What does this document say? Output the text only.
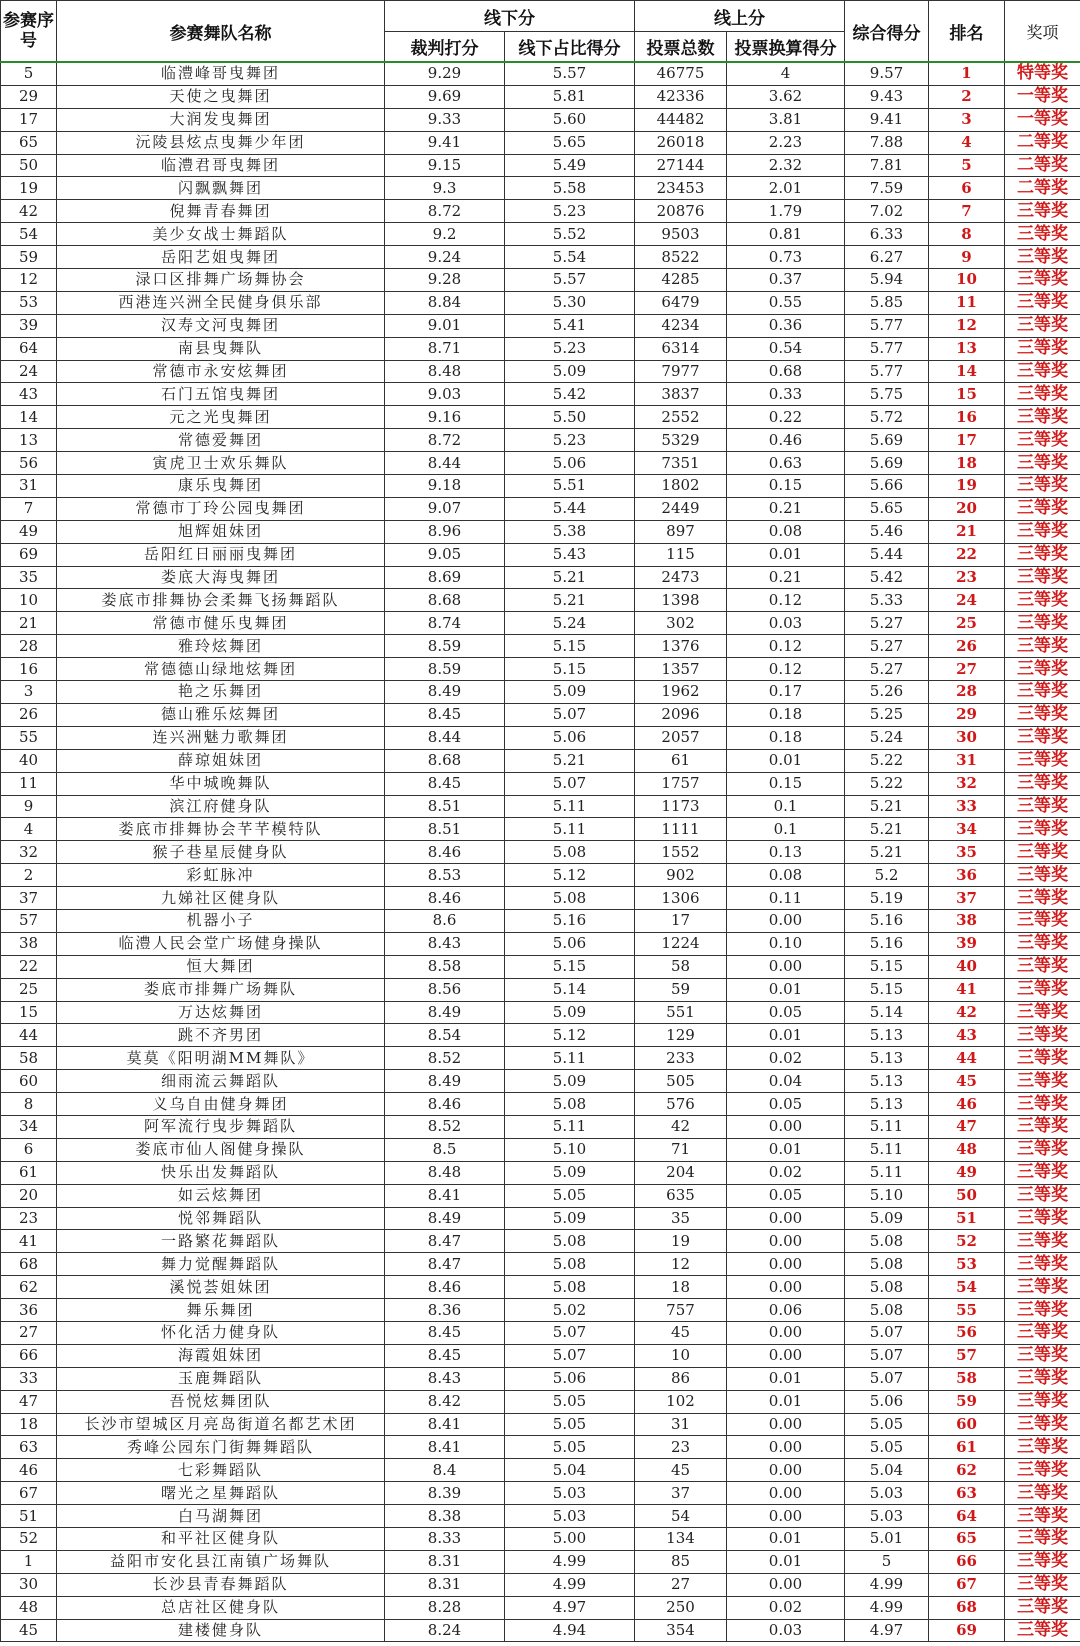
参赛序号	参赛舞队名称	线下分		线上分		综合得分	排名	奖项
		裁判打分	线下占比得分	投票总数	投票换算得分			
5	临澧峰哥曳舞团	9.29	5.57	46775	4	9.57	1	特等奖
29	天使之曳舞团	9.69	5.81	42336	3.62	9.43	2	一等奖
17	大润发曳舞团	9.33	5.60	44482	3.81	9.41	3	一等奖
65	沅陵县炫点曳舞少年团	9.41	5.65	26018	2.23	7.88	4	二等奖
50	临澧君哥曳舞团	9.15	5.49	27144	2.32	7.81	5	二等奖
19	闪飘飘舞团	9.3	5.58	23453	2.01	7.59	6	二等奖
42	倪舞青春舞团	8.72	5.23	20876	1.79	7.02	7	三等奖
54	美少女战士舞蹈队	9.2	5.52	9503	0.81	6.33	8	三等奖
59	岳阳艺姐曳舞团	9.24	5.54	8522	0.73	6.27	9	三等奖
12	渌口区排舞广场舞协会	9.28	5.57	4285	0.37	5.94	10	三等奖
53	西港连兴洲全民健身俱乐部	8.84	5.30	6479	0.55	5.85	11	三等奖
39	汉寿文河曳舞团	9.01	5.41	4234	0.36	5.77	12	三等奖
64	南县曳舞队	8.71	5.23	6314	0.54	5.77	13	三等奖
24	常德市永安炫舞团	8.48	5.09	7977	0.68	5.77	14	三等奖
43	石门五馆曳舞团	9.03	5.42	3837	0.33	5.75	15	三等奖
14	元之光曳舞团	9.16	5.50	2552	0.22	5.72	16	三等奖
13	常德爱舞团	8.72	5.23	5329	0.46	5.69	17	三等奖
56	寅虎卫士欢乐舞队	8.44	5.06	7351	0.63	5.69	18	三等奖
31	康乐曳舞团	9.18	5.51	1802	0.15	5.66	19	三等奖
7	常德市丁玲公园曳舞团	9.07	5.44	2449	0.21	5.65	20	三等奖
49	旭辉姐妹团	8.96	5.38	897	0.08	5.46	21	三等奖
69	岳阳红日丽丽曳舞团	9.05	5.43	115	0.01	5.44	22	三等奖
35	娄底大海曳舞团	8.69	5.21	2473	0.21	5.42	23	三等奖
10	娄底市排舞协会柔舞飞扬舞蹈队	8.68	5.21	1398	0.12	5.33	24	三等奖
21	常德市健乐曳舞团	8.74	5.24	302	0.03	5.27	25	三等奖
28	雅玲炫舞团	8.59	5.15	1376	0.12	5.27	26	三等奖
16	常德德山绿地炫舞团	8.59	5.15	1357	0.12	5.27	27	三等奖
3	艳之乐舞团	8.49	5.09	1962	0.17	5.26	28	三等奖
26	德山雅乐炫舞团	8.45	5.07	2096	0.18	5.25	29	三等奖
55	连兴洲魅力歌舞团	8.44	5.06	2057	0.18	5.24	30	三等奖
40	薛琼姐妹团	8.68	5.21	61	0.01	5.22	31	三等奖
11	华中城晚舞队	8.45	5.07	1757	0.15	5.22	32	三等奖
9	滨江府健身队	8.51	5.11	1173	0.1	5.21	33	三等奖
4	娄底市排舞协会芊芊模特队	8.51	5.11	1111	0.1	5.21	34	三等奖
32	猴子巷星辰健身队	8.46	5.08	1552	0.13	5.21	35	三等奖
2	彩虹脉冲	8.53	5.12	902	0.08	5.2	36	三等奖
37	九娣社区健身队	8.46	5.08	1306	0.11	5.19	37	三等奖
57	机器小子	8.6	5.16	17	0.00	5.16	38	三等奖
38	临澧人民会堂广场健身操队	8.43	5.06	1224	0.10	5.16	39	三等奖
22	恒大舞团	8.58	5.15	58	0.00	5.15	40	三等奖
25	娄底市排舞广场舞队	8.56	5.14	59	0.01	5.15	41	三等奖
15	万达炫舞团	8.49	5.09	551	0.05	5.14	42	三等奖
44	跳不齐男团	8.54	5.12	129	0.01	5.13	43	三等奖
58	莫莫《阳明湖MM舞队》	8.52	5.11	233	0.02	5.13	44	三等奖
60	细雨流云舞蹈队	8.49	5.09	505	0.04	5.13	45	三等奖
8	义乌自由健身舞团	8.46	5.08	576	0.05	5.13	46	三等奖
34	阿军流行曳步舞蹈队	8.52	5.11	42	0.00	5.11	47	三等奖
6	娄底市仙人阁健身操队	8.5	5.10	71	0.01	5.11	48	三等奖
61	快乐出发舞蹈队	8.48	5.09	204	0.02	5.11	49	三等奖
20	如云炫舞团	8.41	5.05	635	0.05	5.10	50	三等奖
23	悦邻舞蹈队	8.49	5.09	35	0.00	5.09	51	三等奖
41	一路繁花舞蹈队	8.47	5.08	19	0.00	5.08	52	三等奖
68	舞力觉醒舞蹈队	8.47	5.08	12	0.00	5.08	53	三等奖
62	溪悦荟姐妹团	8.46	5.08	18	0.00	5.08	54	三等奖
36	舞乐舞团	8.36	5.02	757	0.06	5.08	55	三等奖
27	怀化活力健身队	8.45	5.07	45	0.00	5.07	56	三等奖
66	海霞姐妹团	8.45	5.07	10	0.00	5.07	57	三等奖
33	玉鹿舞蹈队	8.43	5.06	86	0.01	5.07	58	三等奖
47	吾悦炫舞团队	8.42	5.05	102	0.01	5.06	59	三等奖
18	长沙市望城区月亮岛街道名都艺术团	8.41	5.05	31	0.00	5.05	60	三等奖
63	秀峰公园东门街舞舞蹈队	8.41	5.05	23	0.00	5.05	61	三等奖
46	七彩舞蹈队	8.4	5.04	45	0.00	5.04	62	三等奖
67	曙光之星舞蹈队	8.39	5.03	37	0.00	5.03	63	三等奖
51	白马湖舞团	8.38	5.03	54	0.00	5.03	64	三等奖
52	和平社区健身队	8.33	5.00	134	0.01	5.01	65	三等奖
1	益阳市安化县江南镇广场舞队	8.31	4.99	85	0.01	5	66	三等奖
30	长沙县青春舞蹈队	8.31	4.99	27	0.00	4.99	67	三等奖
48	总店社区健身队	8.28	4.97	250	0.02	4.99	68	三等奖
45	建楼健身队	8.24	4.94	354	0.03	4.97	69	三等奖
